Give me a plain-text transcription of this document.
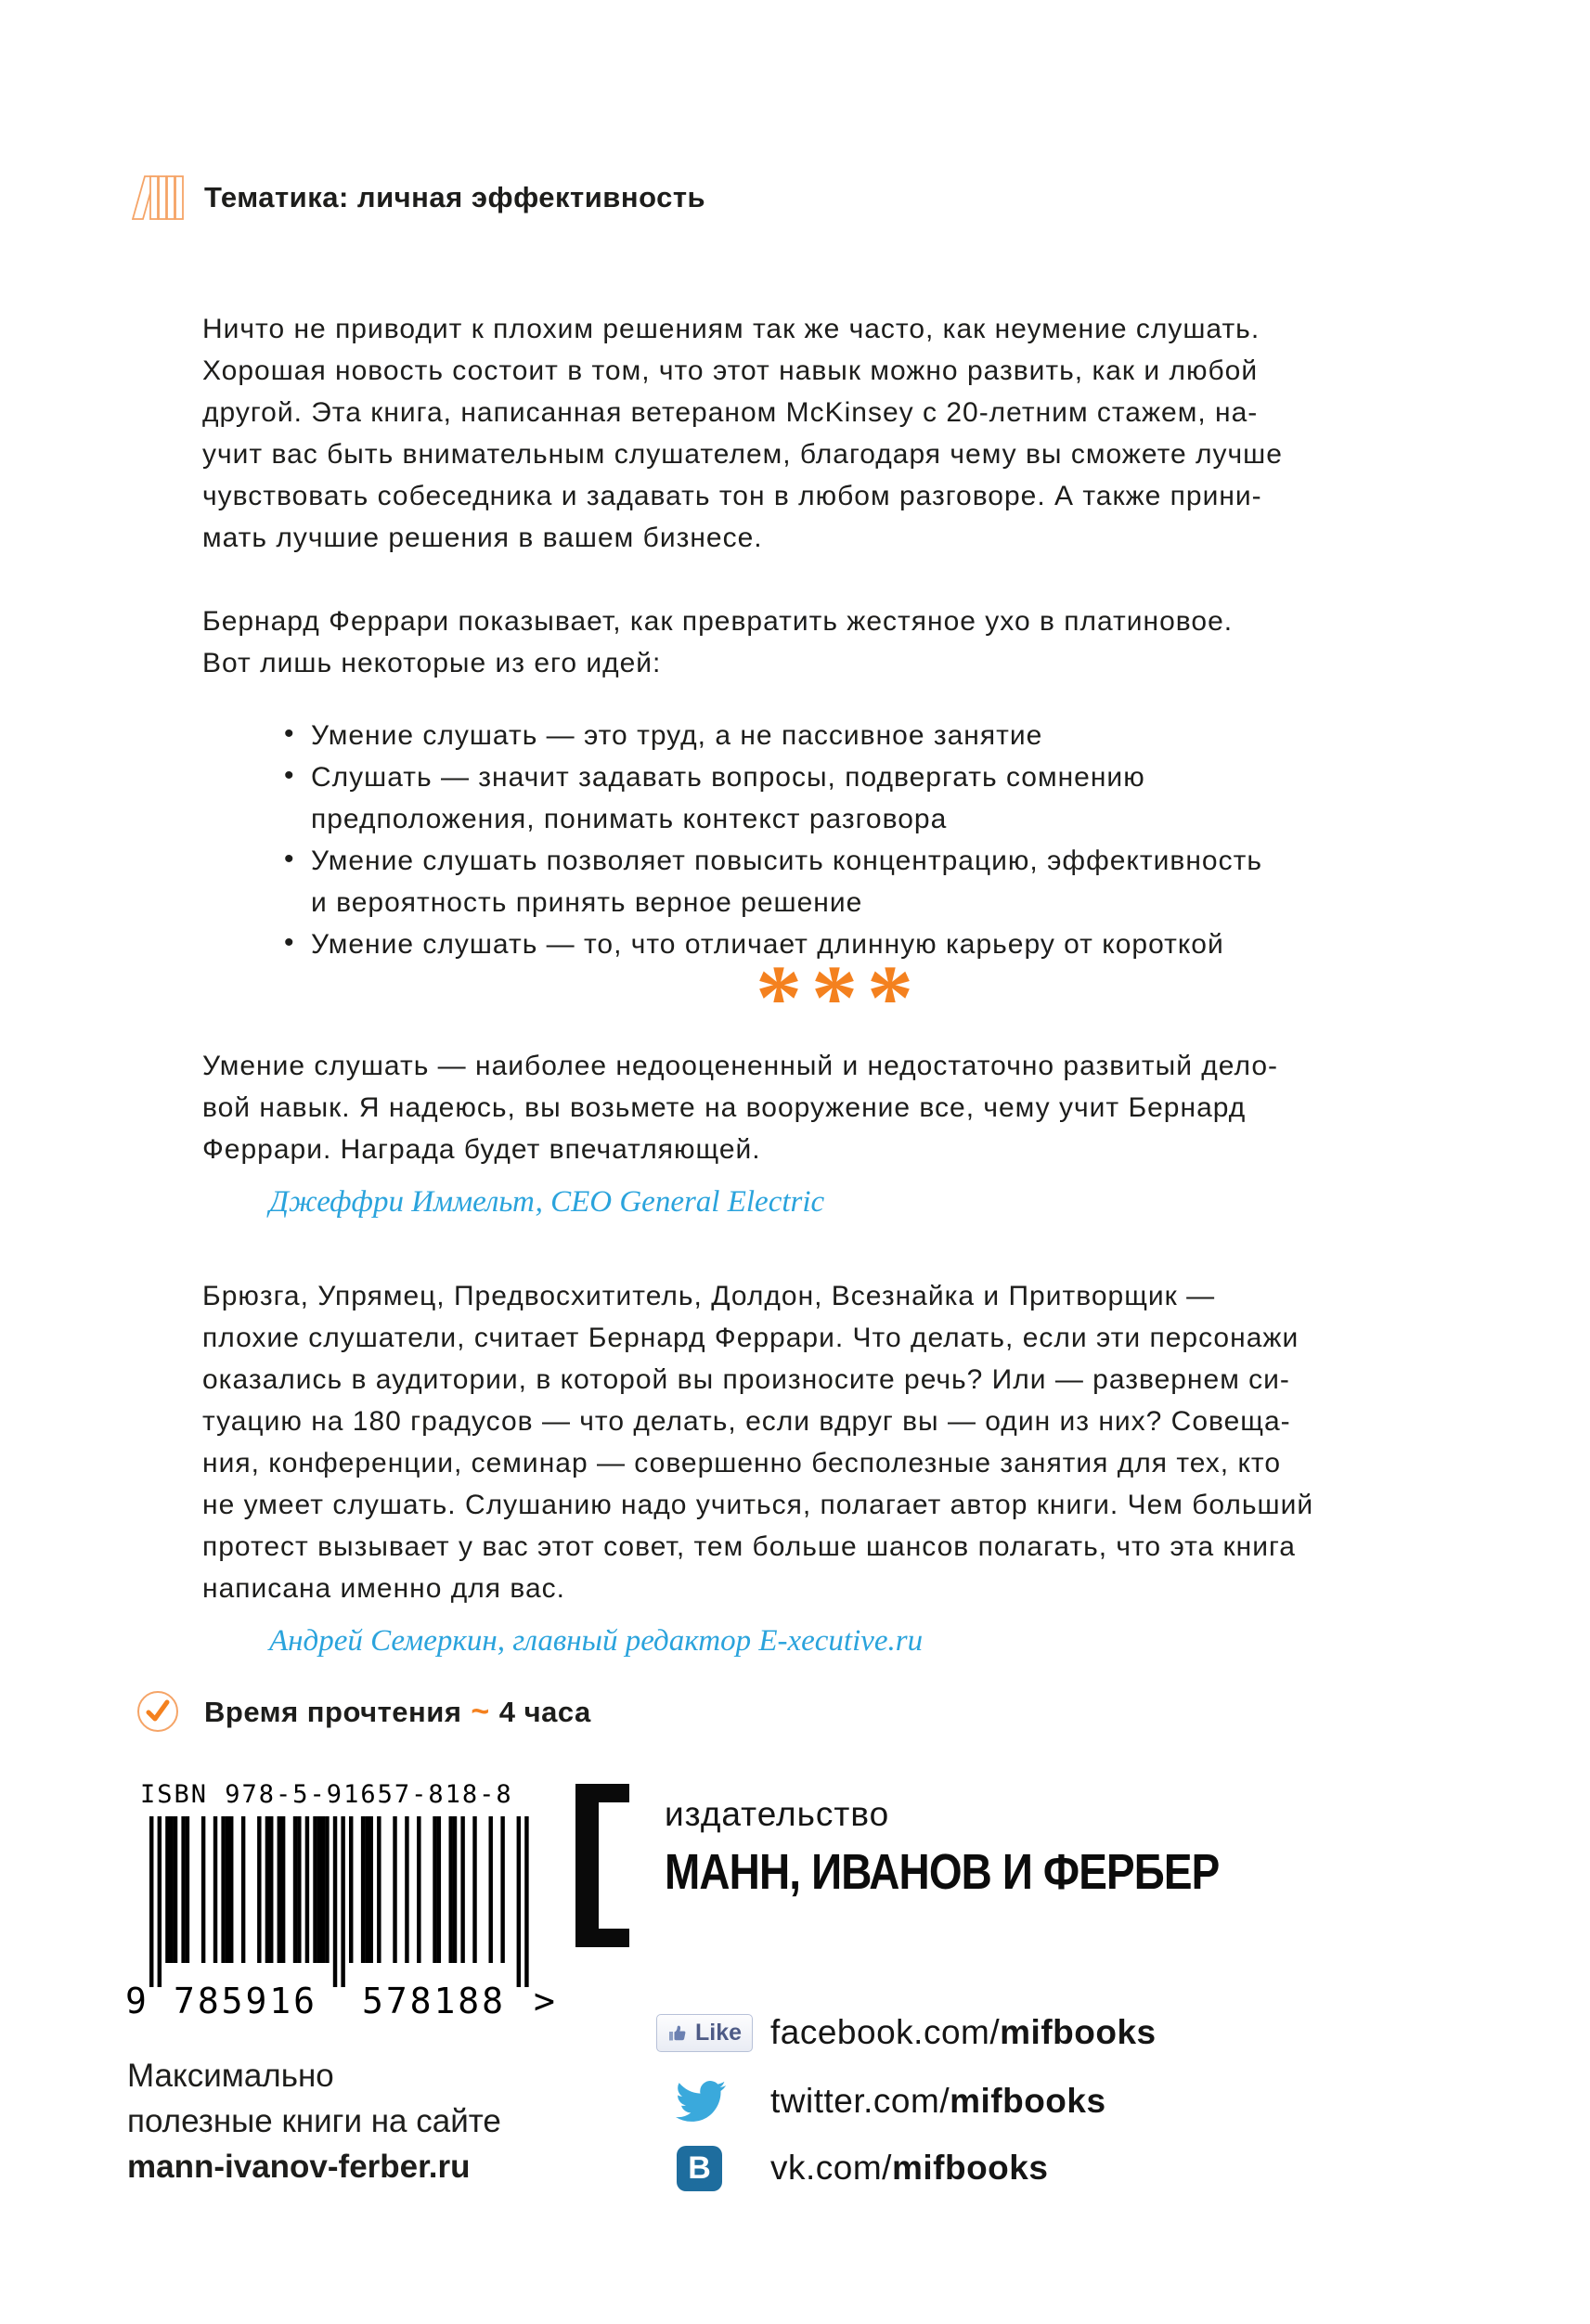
Тематика: личная эффективность
Ничто не приводит к плохим решениям так же часто, как неумение слушать.
Хорошая новость состоит в том, что этот навык можно развить, как и любой
другой. Эта книга, написанная ветераном McKinsey с 20-летним стажем, на-
учит вас быть внимательным слушателем, благодаря чему вы сможете лучше
чувствовать собеседника и задавать тон в любом разговоре. А также прини-
мать лучшие решения в вашем бизнесе.
Бернард Феррари показывает, как превратить жестяное ухо в платиновое.
Вот лишь некоторые из его идей:
• Умение слушать — это труд, а не пассивное занятие
• Слушать — значит задавать вопросы, подвергать сомнению
предположения, понимать контекст разговора
• Умение слушать позволяет повысить концентрацию, эффективность
и вероятность принять верное решение
• Умение слушать — то, что отличает длинную карьеру от короткой
***
Умение слушать — наиболее недооцененный и недостаточно развитый дело-
вой навык. Я надеюсь, вы возьмете на вооружение все, чему учит Бернард
Феррари. Награда будет впечатляющей.
Джеффри Иммельт, CEO General Electric
Брюзга, Упрямец, Предвосхититель, Долдон, Всезнайка и Притворщик —
плохие слушатели, считает Бернард Феррари. Что делать, если эти персонажи
оказались в аудитории, в которой вы произносите речь? Или — развернем си-
туацию на 180 градусов — что делать, если вдруг вы — один из них? Совеща-
ния, конференции, семинар — совершенно бесполезные занятия для тех, кто
не умеет слушать. Слушанию надо учиться, полагает автор книги. Чем больший
протест вызывает у вас этот совет, тем больше шансов полагать, что эта книга
написана именно для вас.
Андрей Семеркин, главный редактор E-xecutive.ru
Время прочтения ~ 4 часа
ISBN 978-5-91657-818-8
9 785916 578188 >
Максимально
полезные книги на сайте
mann-ivanov-ferber.ru
издательство
МАНН, ИВАНОВ И ФЕРБЕР
Like facebook.com/mifbooks
twitter.com/mifbooks
В vk.com/mifbooks
